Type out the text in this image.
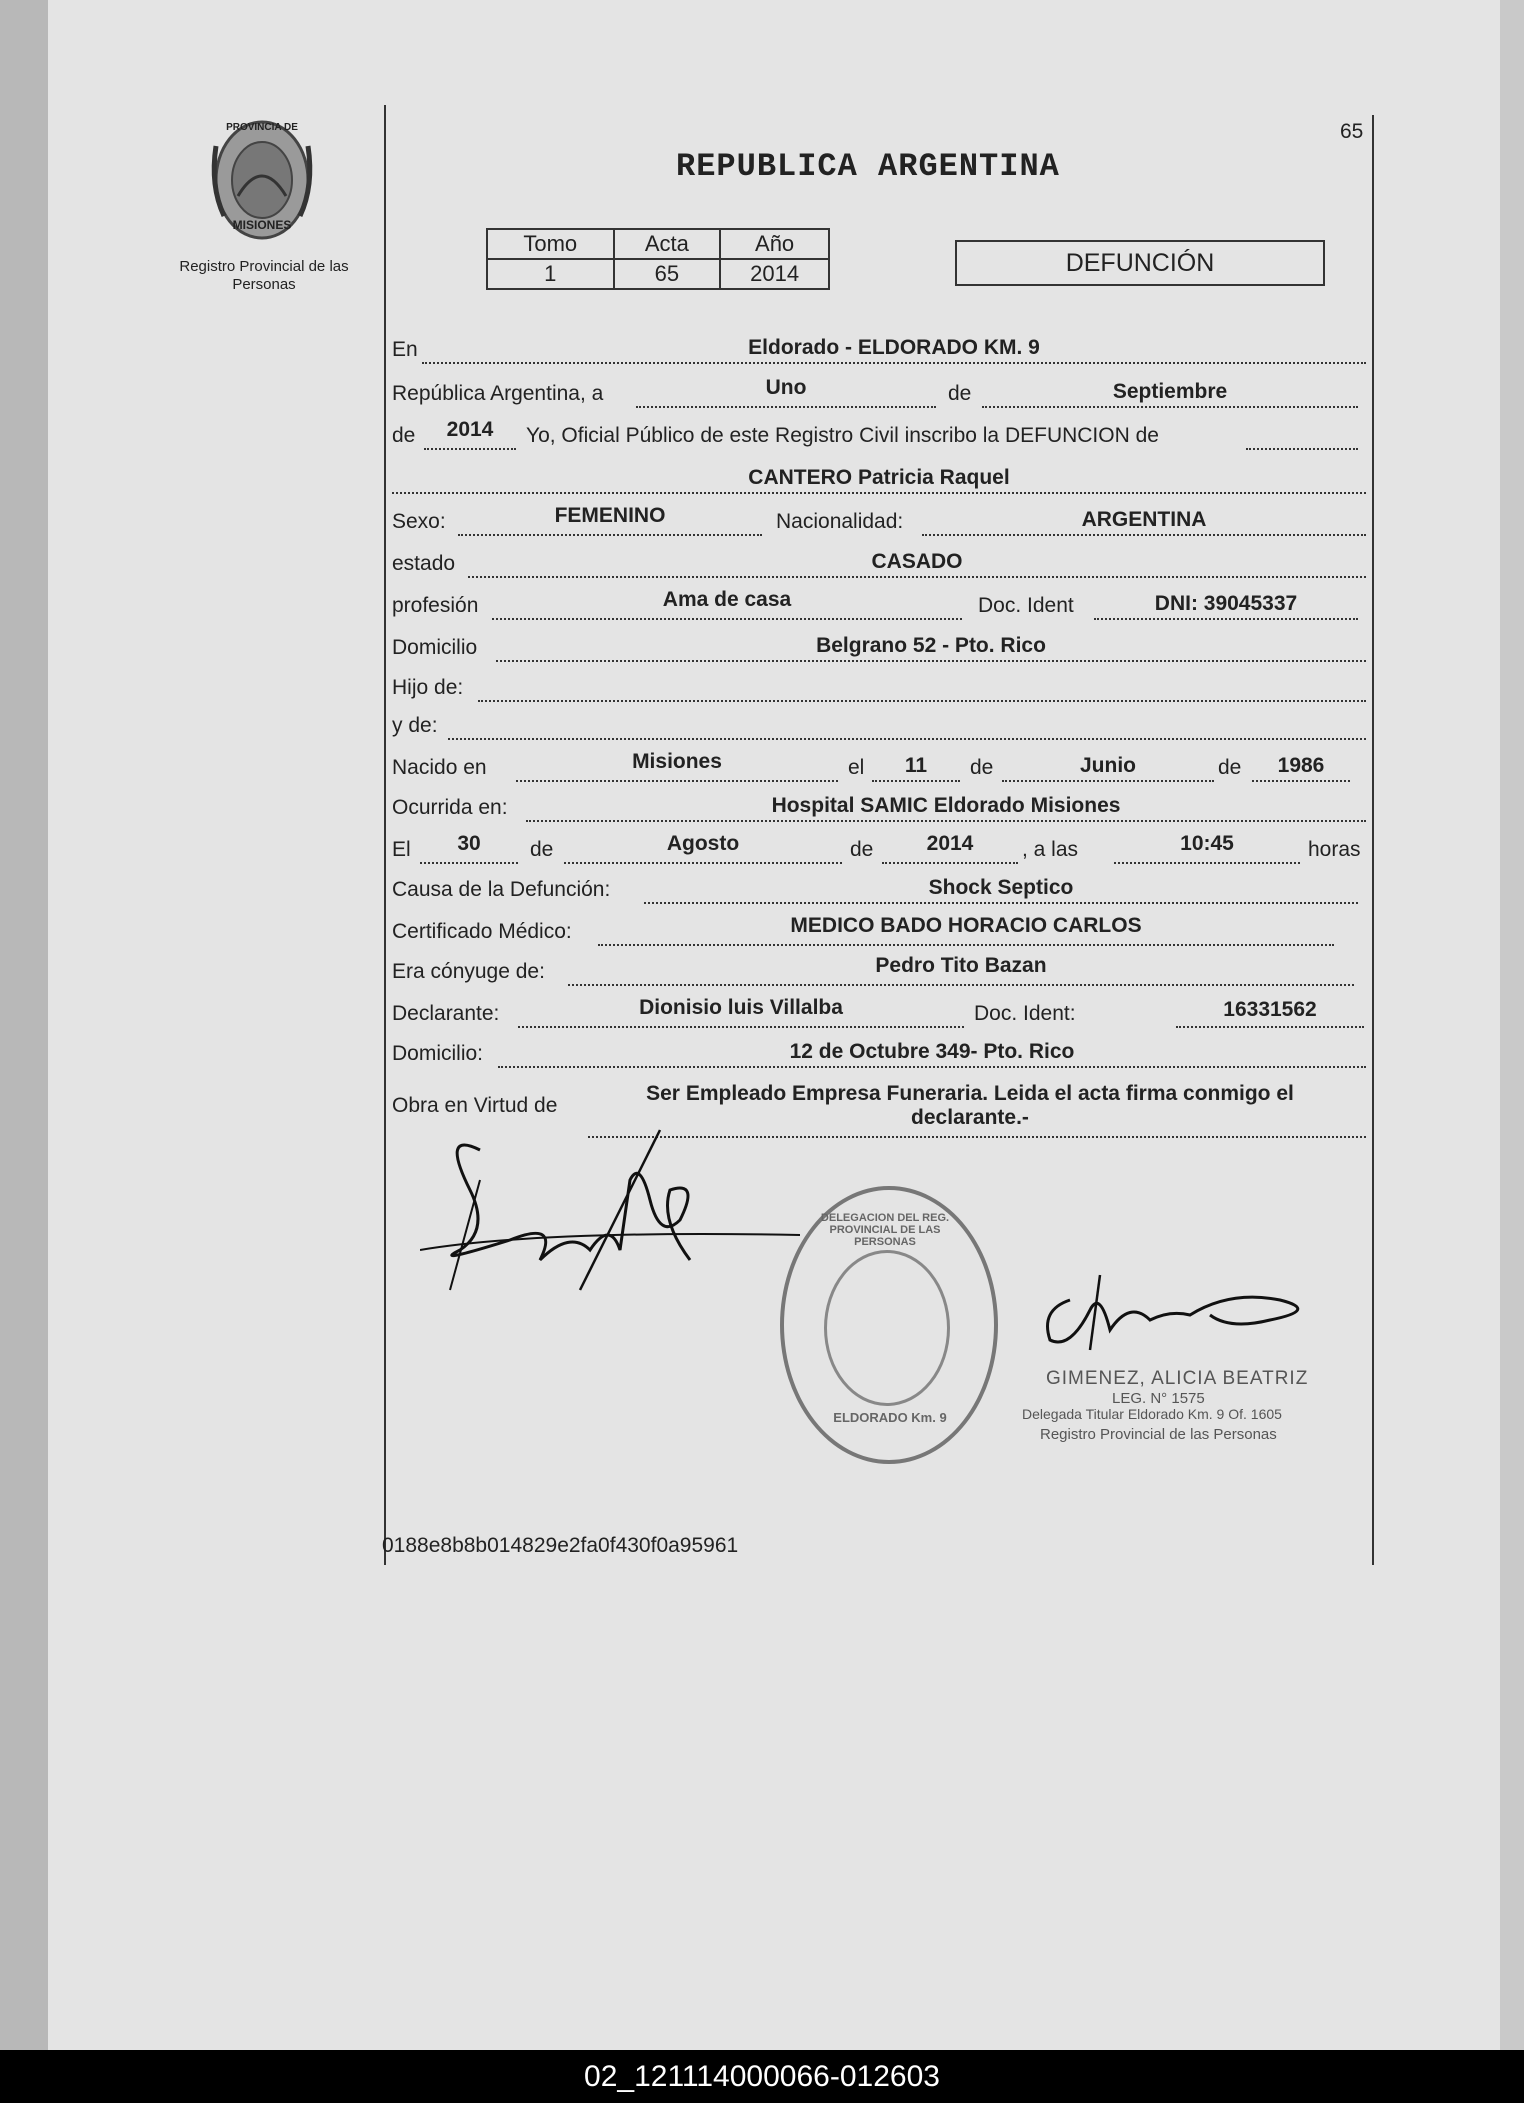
PROVINCIA DE
MISIONES
Registro Provincial de las Personas
65
REPUBLICA ARGENTINA
Tomo	Acta	Año
1	65	2014	DEFUNCIÓN
En	Eldorado - ELDORADO KM. 9
República Argentina, a	Uno	de	Septiembre
de	2014	Yo, Oficial Público de este Registro Civil inscribo la DEFUNCION de
CANTERO Patricia Raquel
Sexo:	FEMENINO	Nacionalidad:	ARGENTINA
estado	CASADO
profesión	Ama de casa	Doc. Ident	DNI: 39045337
Domicilio	Belgrano 52 - Pto. Rico
Hijo de:
y de:
Nacido en	Misiones	el	11	de	Junio	de	1986
Ocurrida en:	Hospital SAMIC Eldorado Misiones
El	30	de	Agosto	de	2014	, a las	10:45	horas
Causa de la Defunción:	Shock Septico
Certificado Médico:	MEDICO BADO HORACIO CARLOS
Era cónyuge de:	Pedro Tito Bazan
Declarante:	Dionisio luis Villalba	Doc. Ident:	16331562
Domicilio:	12 de Octubre 349- Pto. Rico
Obra en Virtud de
Ser Empleado Empresa Funeraria. Leida el acta firma conmigo el
declarante.-
DELEGACION DEL REG. PROVINCIAL DE LAS PERSONAS
ELDORADO Km. 9
GIMENEZ, ALICIA BEATRIZ
LEG. N° 1575
Delegada Titular Eldorado Km. 9 Of. 1605
Registro Provincial de las Personas
0188e8b8b014829e2fa0f430f0a95961
02_121114000066-012603
